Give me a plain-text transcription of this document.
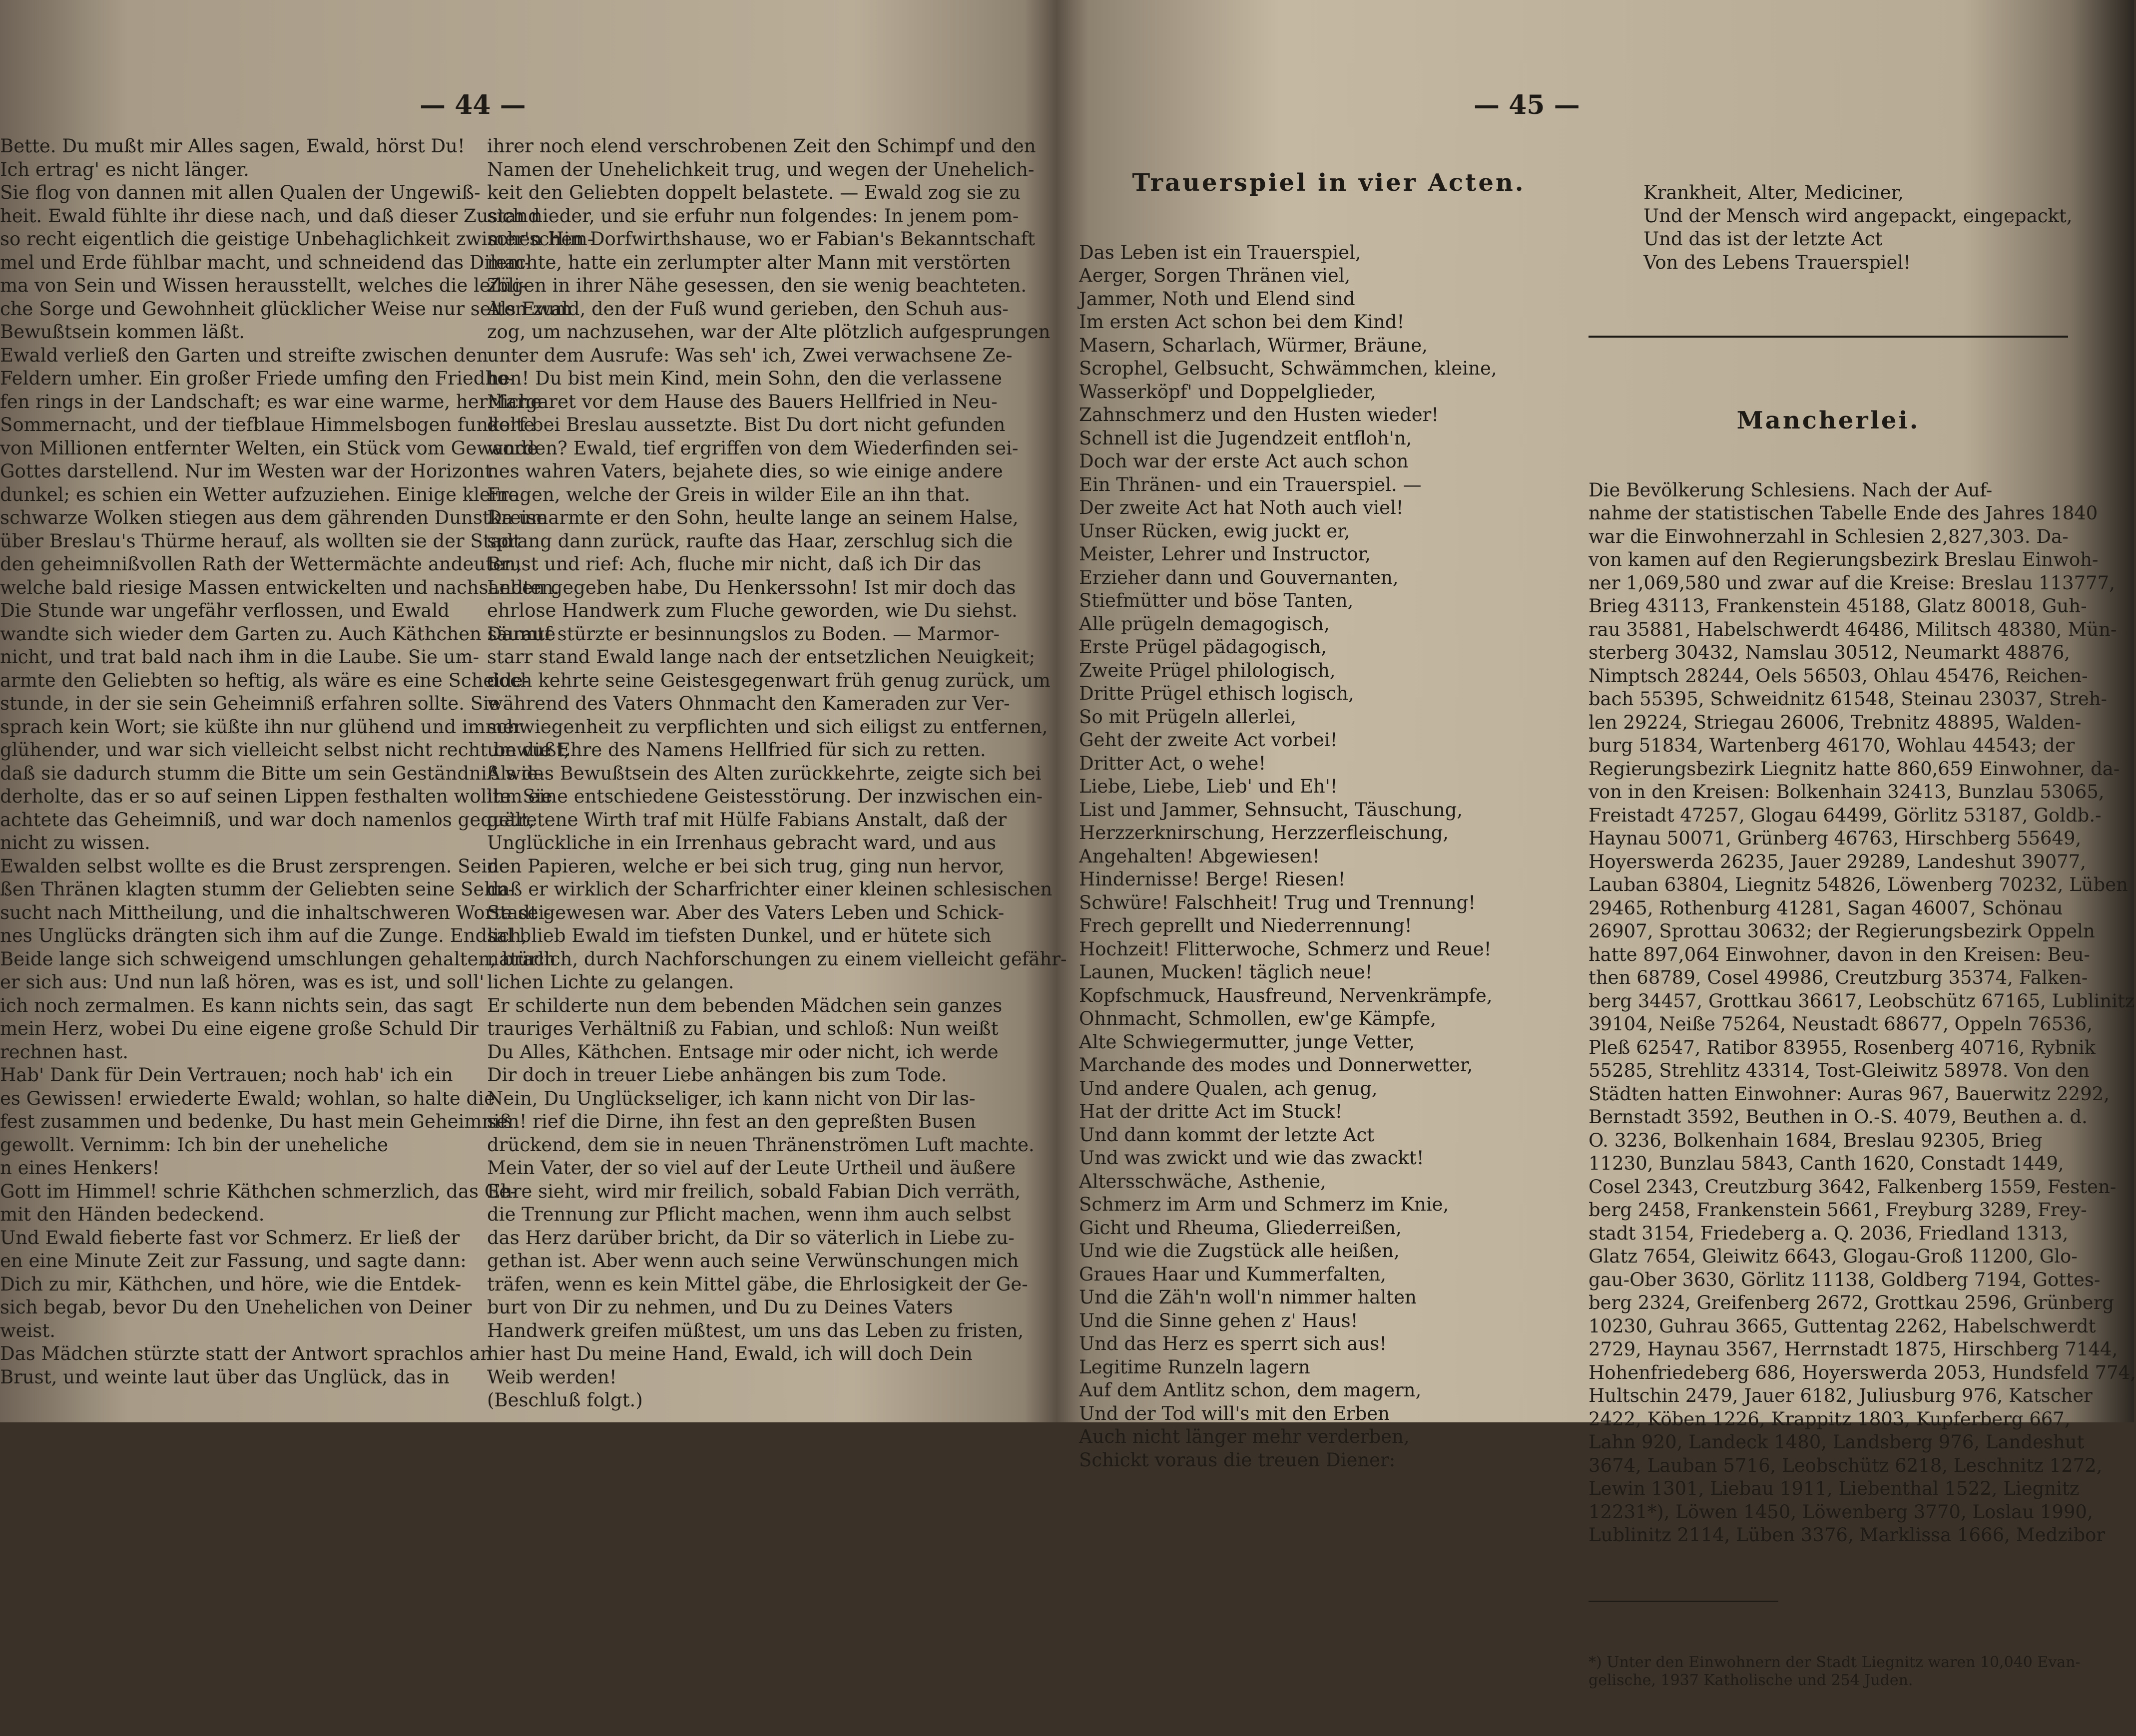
— 44 —
Bette. Du mußt mir Alles sagen, Ewald, hörst Du!
Ich ertrag' es nicht länger.
Sie flog von dannen mit allen Qualen der Ungewiß-
heit. Ewald fühlte ihr diese nach, und daß dieser Zustand
so recht eigentlich die geistige Unbehaglichkeit zwischen Him-
mel und Erde fühlbar macht, und schneidend das Dilem-
ma von Sein und Wissen herausstellt, welches die leibli-
che Sorge und Gewohnheit glücklicher Weise nur selten zum
Bewußtsein kommen läßt.
Ewald verließ den Garten und streifte zwischen den
Feldern umher. Ein großer Friede umfing den Friedho-
fen rings in der Landschaft; es war eine warme, herrliche
Sommernacht, und der tiefblaue Himmelsbogen funkelte
von Millionen entfernter Welten, ein Stück vom Gewande
Gottes darstellend. Nur im Westen war der Horizont
dunkel; es schien ein Wetter aufzuziehen. Einige kleine
schwarze Wolken stiegen aus dem gährenden Dunstkreise
über Breslau's Thürme herauf, als wollten sie der Stadt
den geheimnißvollen Rath der Wettermächte andeuten,
welche bald riesige Massen entwickelten und nachsandten.
Die Stunde war ungefähr verflossen, und Ewald
wandte sich wieder dem Garten zu. Auch Käthchen säumte
nicht, und trat bald nach ihm in die Laube. Sie um-
armte den Geliebten so heftig, als wäre es eine Scheide-
stunde, in der sie sein Geheimniß erfahren sollte. Sie
sprach kein Wort; sie küßte ihn nur glühend und immer
glühender, und war sich vielleicht selbst nicht recht bewußt,
daß sie dadurch stumm die Bitte um sein Geständniß wie-
derholte, das er so auf seinen Lippen festhalten wollte. Sie
achtete das Geheimniß, und war doch namenlos gequält,
nicht zu wissen.
Ewalden selbst wollte es die Brust zersprengen. Seine
ßen Thränen klagten stumm der Geliebten seine Sehn-
sucht nach Mittheilung, und die inhaltschweren Worte sei-
nes Unglücks drängten sich ihm auf die Zunge. Endlich,
Beide lange sich schweigend umschlungen gehalten, brach
er sich aus: Und nun laß hören, was es ist, und soll'
ich noch zermalmen. Es kann nichts sein, das sagt
mein Herz, wobei Du eine eigene große Schuld Dir
rechnen hast.
Hab' Dank für Dein Vertrauen; noch hab' ich ein
es Gewissen! erwiederte Ewald; wohlan, so halte die
fest zusammen und bedenke, Du hast mein Geheimniß
gewollt. Vernimm: Ich bin der uneheliche
n eines Henkers!
Gott im Himmel! schrie Käthchen schmerzlich, das Ge-
mit den Händen bedeckend.
Und Ewald fieberte fast vor Schmerz. Er ließ der
en eine Minute Zeit zur Fassung, und sagte dann:
Dich zu mir, Käthchen, und höre, wie die Entdek-
sich begab, bevor Du den Unehelichen von Deiner
weist.
Das Mädchen stürzte statt der Antwort sprachlos an
Brust, und weinte laut über das Unglück, das in
ihrer noch elend verschrobenen Zeit den Schimpf und den
Namen der Unehelichkeit trug, und wegen der Unehelich-
keit den Geliebten doppelt belastete. — Ewald zog sie zu
sich nieder, und sie erfuhr nun folgendes: In jenem pom-
mer'schen Dorfwirthshause, wo er Fabian's Bekanntschaft
machte, hatte ein zerlumpter alter Mann mit verstörten
Zügen in ihrer Nähe gesessen, den sie wenig beachteten.
Als Ewald, den der Fuß wund gerieben, den Schuh aus-
zog, um nachzusehen, war der Alte plötzlich aufgesprungen
unter dem Ausrufe: Was seh' ich, Zwei verwachsene Ze-
hen! Du bist mein Kind, mein Sohn, den die verlassene
Margaret vor dem Hause des Bauers Hellfried in Neu-
dorf bei Breslau aussetzte. Bist Du dort nicht gefunden
worden? Ewald, tief ergriffen von dem Wiederfinden sei-
nes wahren Vaters, bejahete dies, so wie einige andere
Fragen, welche der Greis in wilder Eile an ihn that.
Da umarmte er den Sohn, heulte lange an seinem Halse,
sprang dann zurück, raufte das Haar, zerschlug sich die
Brust und rief: Ach, fluche mir nicht, daß ich Dir das
Leben gegeben habe, Du Henkerssohn! Ist mir doch das
ehrlose Handwerk zum Fluche geworden, wie Du siehst.
Darauf stürzte er besinnungslos zu Boden. — Marmor-
starr stand Ewald lange nach der entsetzlichen Neuigkeit;
doch kehrte seine Geistesgegenwart früh genug zurück, um
während des Vaters Ohnmacht den Kameraden zur Ver-
schwiegenheit zu verpflichten und sich eiligst zu entfernen,
um die Ehre des Namens Hellfried für sich zu retten.
Als das Bewußtsein des Alten zurückkehrte, zeigte sich bei
ihm eine entschiedene Geistesstörung. Der inzwischen ein-
getretene Wirth traf mit Hülfe Fabians Anstalt, daß der
Unglückliche in ein Irrenhaus gebracht ward, und aus
den Papieren, welche er bei sich trug, ging nun hervor,
daß er wirklich der Scharfrichter einer kleinen schlesischen
Stadt gewesen war. Aber des Vaters Leben und Schick-
sal blieb Ewald im tiefsten Dunkel, und er hütete sich
natürlich, durch Nachforschungen zu einem vielleicht gefähr-
lichen Lichte zu gelangen.
Er schilderte nun dem bebenden Mädchen sein ganzes
trauriges Verhältniß zu Fabian, und schloß: Nun weißt
Du Alles, Käthchen. Entsage mir oder nicht, ich werde
Dir doch in treuer Liebe anhängen bis zum Tode.
Nein, Du Unglückseliger, ich kann nicht von Dir las-
sen! rief die Dirne, ihn fest an den gepreßten Busen
drückend, dem sie in neuen Thränenströmen Luft machte.
Mein Vater, der so viel auf der Leute Urtheil und äußere
Ehre sieht, wird mir freilich, sobald Fabian Dich verräth,
die Trennung zur Pflicht machen, wenn ihm auch selbst
das Herz darüber bricht, da Dir so väterlich in Liebe zu-
gethan ist. Aber wenn auch seine Verwünschungen mich
träfen, wenn es kein Mittel gäbe, die Ehrlosigkeit der Ge-
burt von Dir zu nehmen, und Du zu Deines Vaters
Handwerk greifen müßtest, um uns das Leben zu fristen,
hier hast Du meine Hand, Ewald, ich will doch Dein
Weib werden!
(Beschluß folgt.)
— 45 —

Trauerspiel in vier Acten.

Das Leben ist ein Trauerspiel,
Aerger, Sorgen Thränen viel,
Jammer, Noth und Elend sind
Im ersten Act schon bei dem Kind!
Masern, Scharlach, Würmer, Bräune,
Scrophel, Gelbsucht, Schwämmchen, kleine,
Wasserköpf' und Doppelglieder,
Zahnschmerz und den Husten wieder!
Schnell ist die Jugendzeit entfloh'n,
Doch war der erste Act auch schon
Ein Thränen- und ein Trauerspiel. —
Der zweite Act hat Noth auch viel!
Unser Rücken, ewig juckt er,
Meister, Lehrer und Instructor,
Erzieher dann und Gouvernanten,
Stiefmütter und böse Tanten,
Alle prügeln demagogisch,
Erste Prügel pädagogisch,
Zweite Prügel philologisch,
Dritte Prügel ethisch logisch,
So mit Prügeln allerlei,
Geht der zweite Act vorbei!
Dritter Act, o wehe!
Liebe, Liebe, Lieb' und Eh'!
List und Jammer, Sehnsucht, Täuschung,
Herzzerknirschung, Herzzerfleischung,
Angehalten! Abgewiesen!
Hindernisse! Berge! Riesen!
Schwüre! Falschheit! Trug und Trennung!
Frech geprellt und Niederrennung!
Hochzeit! Flitterwoche, Schmerz und Reue!
Launen, Mucken! täglich neue!
Kopfschmuck, Hausfreund, Nervenkrämpfe,
Ohnmacht, Schmollen, ew'ge Kämpfe,
Alte Schwiegermutter, junge Vetter,
Marchande des modes und Donnerwetter,
Und andere Qualen, ach genug,
Hat der dritte Act im Stuck!
Und dann kommt der letzte Act
Und was zwickt und wie das zwackt!
Altersschwäche, Asthenie,
Schmerz im Arm und Schmerz im Knie,
Gicht und Rheuma, Gliederreißen,
Und wie die Zugstück alle heißen,
Graues Haar und Kummerfalten,
Und die Zäh'n woll'n nimmer halten
Und die Sinne gehen z' Haus!
Und das Herz es sperrt sich aus!
Legitime Runzeln lagern
Auf dem Antlitz schon, dem magern,
Und der Tod will's mit den Erben
Auch nicht länger mehr verderben,
Schickt voraus die treuen Diener:

Krankheit, Alter, Mediciner,
Und der Mensch wird angepackt, eingepackt,
Und das ist der letzte Act
Von des Lebens Trauerspiel!

Mancherlei.

Die Bevölkerung Schlesiens. Nach der Auf-
nahme der statistischen Tabelle Ende des Jahres 1840
war die Einwohnerzahl in Schlesien 2,827,303. Da-
von kamen auf den Regierungsbezirk Breslau Einwoh-
ner 1,069,580 und zwar auf die Kreise: Breslau 113777,
Brieg 43113, Frankenstein 45188, Glatz 80018, Guh-
rau 35881, Habelschwerdt 46486, Militsch 48380, Mün-
sterberg 30432, Namslau 30512, Neumarkt 48876,
Nimptsch 28244, Oels 56503, Ohlau 45476, Reichen-
bach 55395, Schweidnitz 61548, Steinau 23037, Streh-
len 29224, Striegau 26006, Trebnitz 48895, Walden-
burg 51834, Wartenberg 46170, Wohlau 44543; der
Regierungsbezirk Liegnitz hatte 860,659 Einwohner, da-
von in den Kreisen: Bolkenhain 32413, Bunzlau 53065,
Freistadt 47257, Glogau 64499, Görlitz 53187, Goldb.-
Haynau 50071, Grünberg 46763, Hirschberg 55649,
Hoyerswerda 26235, Jauer 29289, Landeshut 39077,
Lauban 63804, Liegnitz 54826, Löwenberg 70232, Lüben
29465, Rothenburg 41281, Sagan 46007, Schönau
26907, Sprottau 30632; der Regierungsbezirk Oppeln
hatte 897,064 Einwohner, davon in den Kreisen: Beu-
then 68789, Cosel 49986, Creutzburg 35374, Falken-
berg 34457, Grottkau 36617, Leobschütz 67165, Lublinitz
39104, Neiße 75264, Neustadt 68677, Oppeln 76536,
Pleß 62547, Ratibor 83955, Rosenberg 40716, Rybnik
55285, Strehlitz 43314, Tost-Gleiwitz 58978. Von den
Städten hatten Einwohner: Auras 967, Bauerwitz 2292,
Bernstadt 3592, Beuthen in O.-S. 4079, Beuthen a. d.
O. 3236, Bolkenhain 1684, Breslau 92305, Brieg
11230, Bunzlau 5843, Canth 1620, Constadt 1449,
Cosel 2343, Creutzburg 3642, Falkenberg 1559, Festen-
berg 2458, Frankenstein 5661, Freyburg 3289, Frey-
stadt 3154, Friedeberg a. Q. 2036, Friedland 1313,
Glatz 7654, Gleiwitz 6643, Glogau-Groß 11200, Glo-
gau-Ober 3630, Görlitz 11138, Goldberg 7194, Gottes-
berg 2324, Greifenberg 2672, Grottkau 2596, Grünberg
10230, Guhrau 3665, Guttentag 2262, Habelschwerdt
2729, Haynau 3567, Herrnstadt 1875, Hirschberg 7144,
Hohenfriedeberg 686, Hoyerswerda 2053, Hundsfeld 774,
Hultschin 2479, Jauer 6182, Juliusburg 976, Katscher
2422, Köben 1226, Krappitz 1803, Kupferberg 667,
Lahn 920, Landeck 1480, Landsberg 976, Landeshut
3674, Lauban 5716, Leobschütz 6218, Leschnitz 1272,
Lewin 1301, Liebau 1911, Liebenthal 1522, Liegnitz
12231*), Löwen 1450, Löwenberg 3770, Loslau 1990,
Lublinitz 2114, Lüben 3376, Marklissa 1666, Medzibor

*) Unter den Einwohnern der Stadt Liegnitz waren 10,040 Evan-
gelische, 1937 Katholische und 254 Juden.
